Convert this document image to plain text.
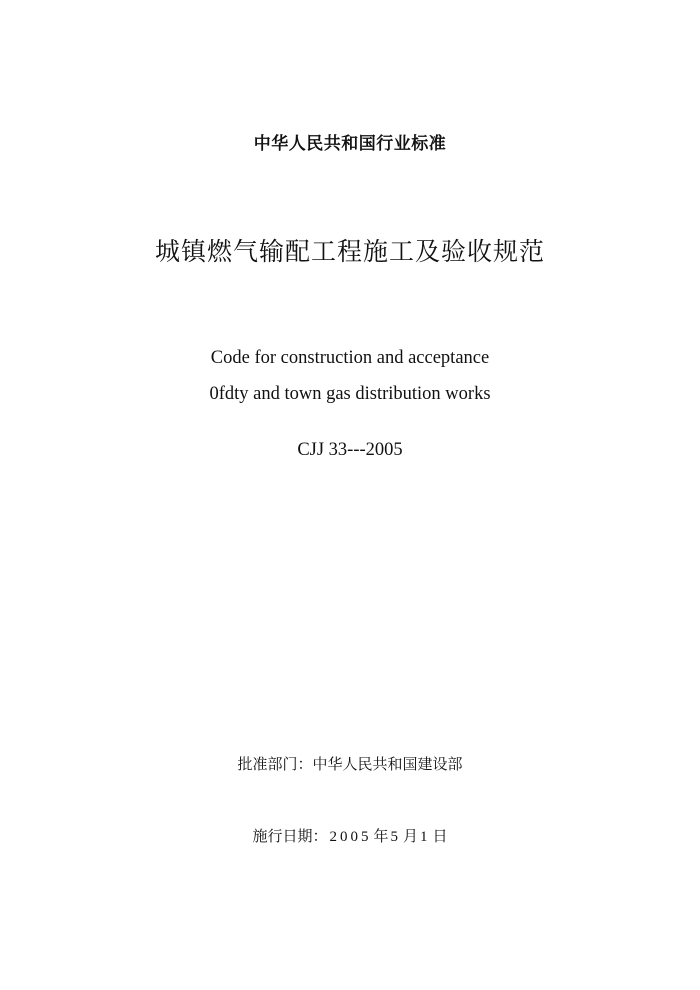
中华人民共和国行业标准
城镇燃气输配工程施工及验收规范
Code for construction and acceptance
0fdty and town gas distribution works
CJJ 33---2005
批准部门：中华人民共和国建设部
施行日期： 2005 年 5 月 1 日
